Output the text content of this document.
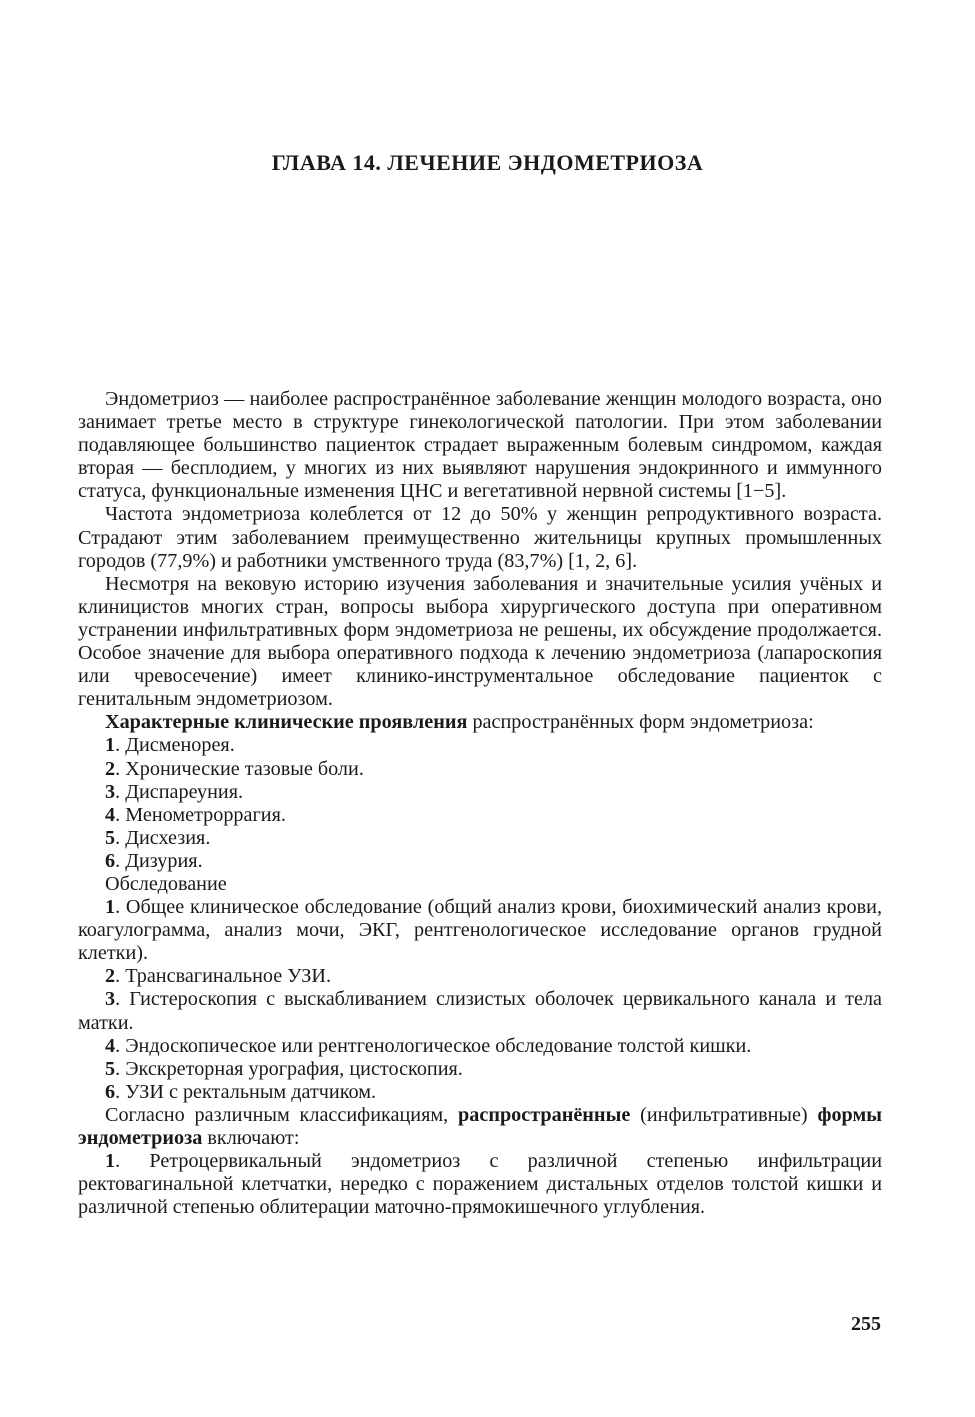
ГЛАВА 14. ЛЕЧЕНИЕ ЭНДОМЕТРИОЗА

Эндометриоз — наиболее распространённое заболевание женщин молодого возраста, оно занимает третье место в структуре гинекологической патологии. При этом заболевании подавляющее большинство пациенток страдает выраженным болевым синдромом, каждая вторая — бесплодием, у многих из них выявляют нарушения эндокринного и иммунного статуса, функциональные изменения ЦНС и вегетативной нервной системы [1−5].

Частота эндометриоза колеблется от 12 до 50% у женщин репродуктивного возраста. Страдают этим заболеванием преимущественно жительницы крупных промышленных городов (77,9%) и работники умственного труда (83,7%) [1, 2, 6].

Несмотря на вековую историю изучения заболевания и значительные усилия учёных и клиницистов многих стран, вопросы выбора хирургического доступа при оперативном устранении инфильтративных форм эндометриоза не решены, их обсуждение продолжается. Особое значение для выбора оперативного подхода к лечению эндометриоза (лапароскопия или чревосечение) имеет клинико-инструментальное обследование пациенток с генитальным эндометриозом.

Характерные клинические проявления распространённых форм эндометриоза:

1. Дисменорея.

2. Хронические тазовые боли.

3. Диспареуния.

4. Менометроррагия.

5. Дисхезия.

6. Дизурия.

Обследование

1. Общее клиническое обследование (общий анализ крови, биохимический анализ крови, коагулограмма, анализ мочи, ЭКГ, рентгенологическое исследование органов грудной клетки).

2. Трансвагинальное УЗИ.

3. Гистероскопия с выскабливанием слизистых оболочек цервикального канала и тела матки.

4. Эндоскопическое или рентгенологическое обследование толстой кишки.

5. Экскреторная урография, цистоскопия.

6. УЗИ с ректальным датчиком.

Согласно различным классификациям, распространённые (инфильтративные) формы эндометриоза включают:

1. Ретроцервикальный эндометриоз с различной степенью инфильтрации ректовагинальной клетчатки, нередко с поражением дистальных отделов толстой кишки и различной степенью облитерации маточно-прямокишечного углубления.

255
